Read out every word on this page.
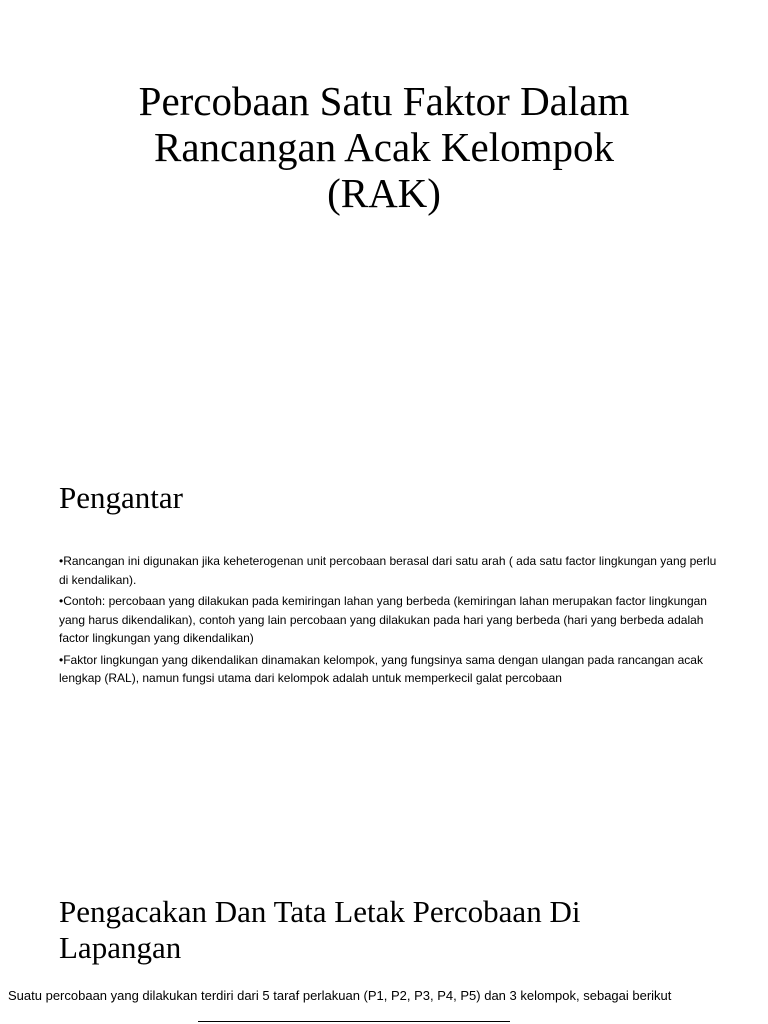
Percobaan Satu Faktor Dalam
Rancangan Acak Kelompok
(RAK)
Pengantar
•Rancangan ini digunakan jika keheterogenan unit percobaan berasal dari satu arah ( ada satu factor lingkungan yang perlu di kendalikan).
•Contoh: percobaan yang dilakukan pada kemiringan lahan yang berbeda (kemiringan lahan merupakan factor lingkungan yang harus dikendalikan), contoh yang lain percobaan yang dilakukan pada hari yang berbeda (hari yang berbeda adalah factor lingkungan yang dikendalikan)
•Faktor lingkungan yang dikendalikan dinamakan kelompok, yang fungsinya sama dengan ulangan pada rancangan acak lengkap (RAL), namun fungsi utama dari kelompok adalah untuk memperkecil galat percobaan
Pengacakan Dan Tata Letak Percobaan Di
Lapangan

Suatu percobaan yang dilakukan terdiri dari 5 taraf perlakuan (P1, P2, P3, P4, P5) dan 3 kelompok, sebagai berikut
